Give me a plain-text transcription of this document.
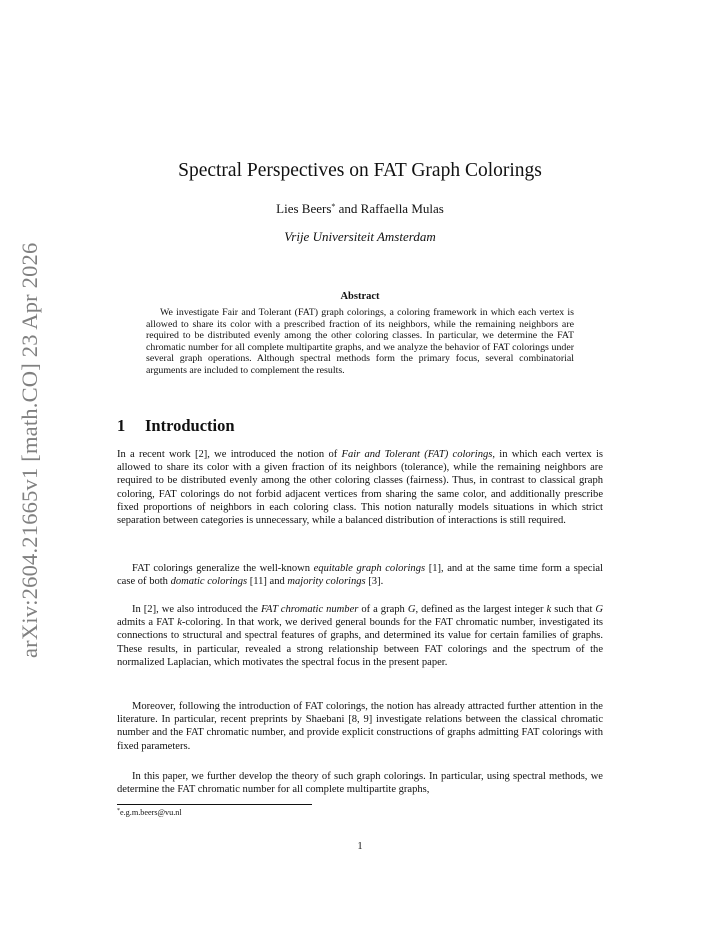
arXiv:2604.21665v1 [math.CO] 23 Apr 2026
Spectral Perspectives on FAT Graph Colorings
Lies Beers* and Raffaella Mulas
Vrije Universiteit Amsterdam
Abstract
We investigate Fair and Tolerant (FAT) graph colorings, a coloring framework in which each vertex is allowed to share its color with a prescribed fraction of its neighbors, while the remaining neighbors are required to be distributed evenly among the other coloring classes. In particular, we determine the FAT chromatic number for all complete multipartite graphs, and we analyze the behavior of FAT colorings under several graph operations. Although spectral methods form the primary focus, several combinatorial arguments are included to complement the results.
1 Introduction
In a recent work [2], we introduced the notion of Fair and Tolerant (FAT) colorings, in which each vertex is allowed to share its color with a given fraction of its neighbors (tolerance), while the remaining neighbors are required to be distributed evenly among the other coloring classes (fairness). Thus, in contrast to classical graph coloring, FAT colorings do not forbid adjacent vertices from sharing the same color, and additionally prescribe fixed proportions of neighbors in each coloring class. This notion naturally models situations in which strict separation between categories is unnecessary, while a balanced distribution of interactions is still required.
FAT colorings generalize the well-known equitable graph colorings [1], and at the same time form a special case of both domatic colorings [11] and majority colorings [3].
In [2], we also introduced the FAT chromatic number of a graph G, defined as the largest integer k such that G admits a FAT k-coloring. In that work, we derived general bounds for the FAT chromatic number, investigated its connections to structural and spectral features of graphs, and determined its value for certain families of graphs. These results, in particular, revealed a strong relationship between FAT colorings and the spectrum of the normalized Laplacian, which motivates the spectral focus in the present paper.
Moreover, following the introduction of FAT colorings, the notion has already attracted further attention in the literature. In particular, recent preprints by Shaebani [8, 9] investigate relations between the classical chromatic number and the FAT chromatic number, and provide explicit constructions of graphs admitting FAT colorings with fixed parameters.
In this paper, we further develop the theory of such graph colorings. In particular, using spectral methods, we determine the FAT chromatic number for all complete multipartite graphs,
*e.g.m.beers@vu.nl
1
